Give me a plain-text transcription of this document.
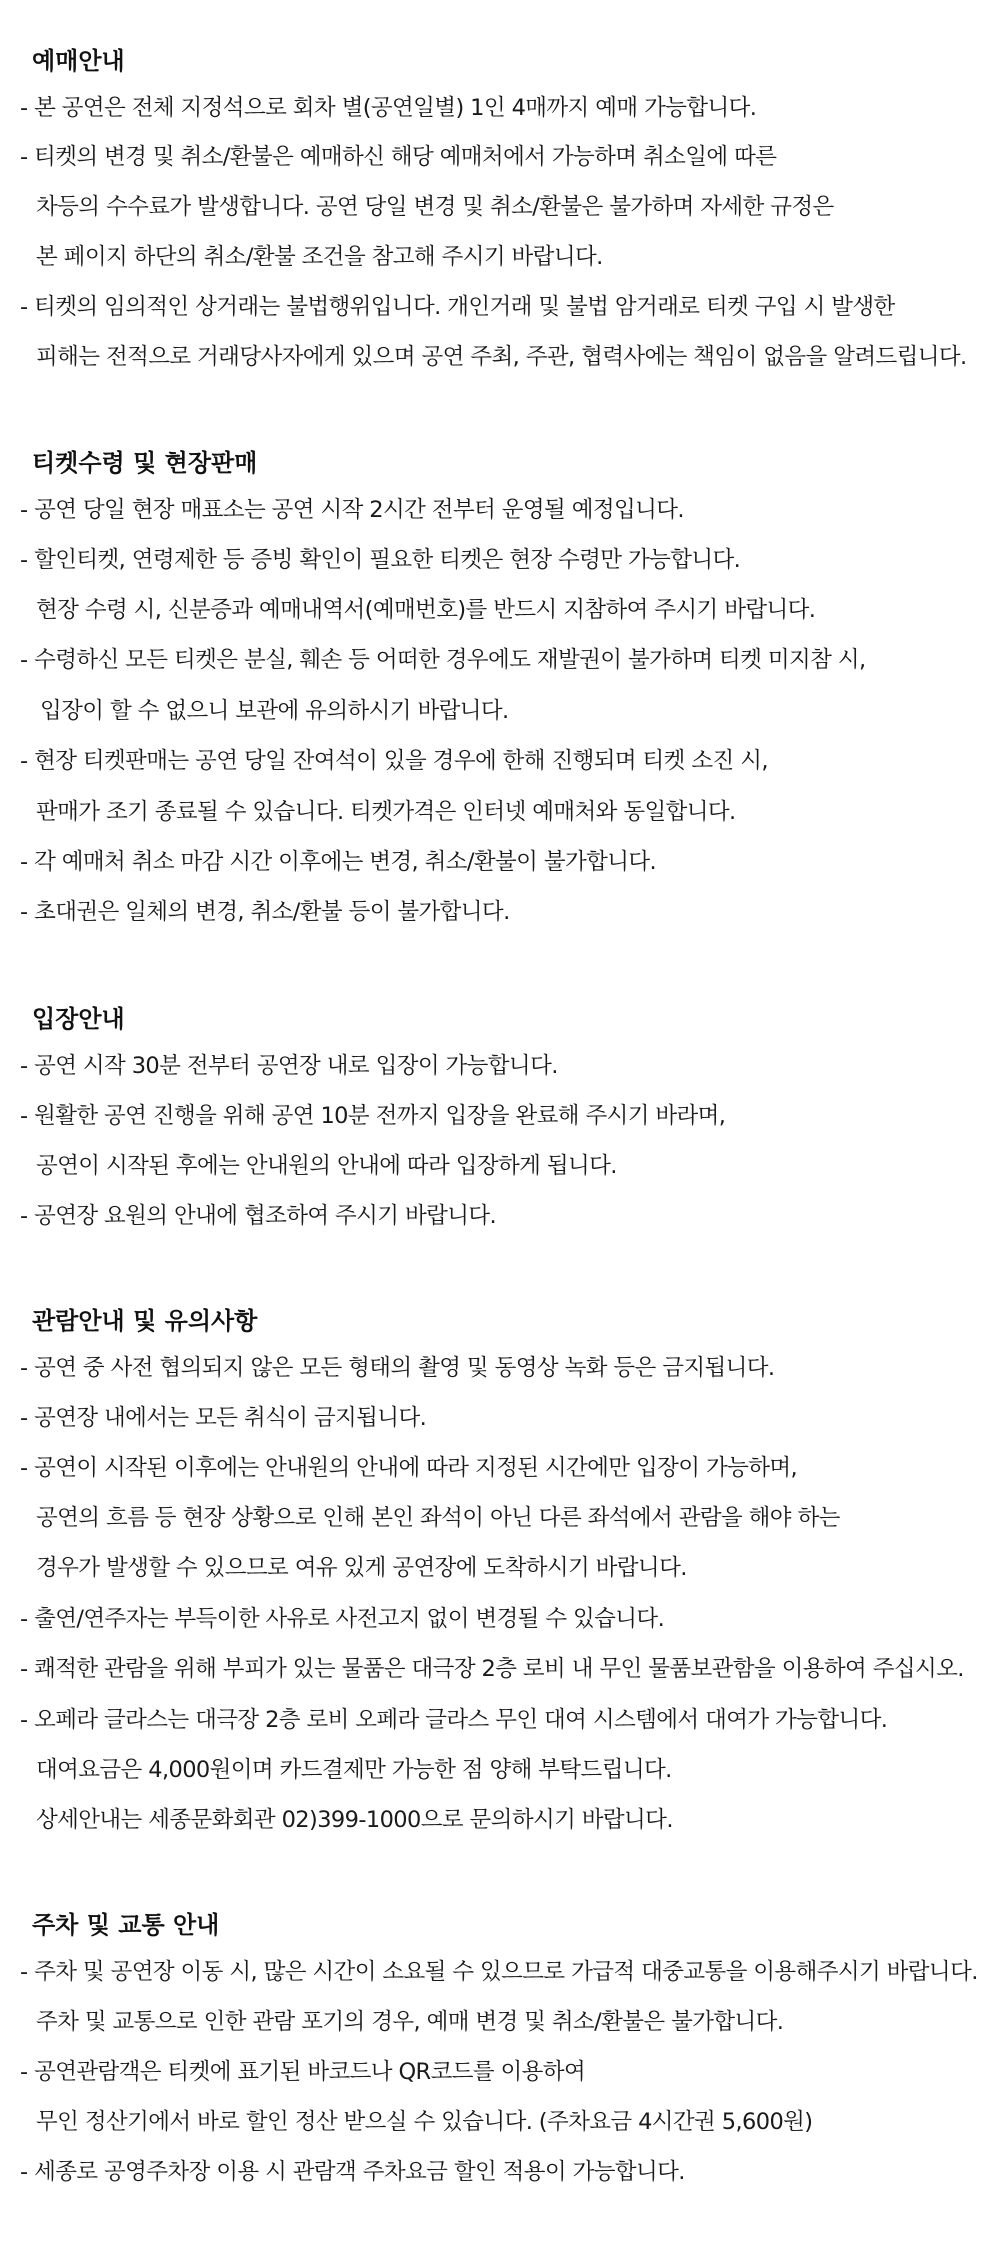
예매안내
- 본 공연은 전체 지정석으로 회차 별(공연일별) 1인 4매까지 예매 가능합니다.
- 티켓의 변경 및 취소/환불은 예매하신 해당 예매처에서 가능하며 취소일에 따른
차등의 수수료가 발생합니다. 공연 당일 변경 및 취소/환불은 불가하며 자세한 규정은
본 페이지 하단의 취소/환불 조건을 참고해 주시기 바랍니다.
- 티켓의 임의적인 상거래는 불법행위입니다. 개인거래 및 불법 암거래로 티켓 구입 시 발생한
피해는 전적으로 거래당사자에게 있으며 공연 주최, 주관, 협력사에는 책임이 없음을 알려드립니다.
티켓수령 및 현장판매
- 공연 당일 현장 매표소는 공연 시작 2시간 전부터 운영될 예정입니다.
- 할인티켓, 연령제한 등 증빙 확인이 필요한 티켓은 현장 수령만 가능합니다.
현장 수령 시, 신분증과 예매내역서(예매번호)를 반드시 지참하여 주시기 바랍니다.
- 수령하신 모든 티켓은 분실, 훼손 등 어떠한 경우에도 재발권이 불가하며 티켓 미지참 시,
입장이 할 수 없으니 보관에 유의하시기 바랍니다.
- 현장 티켓판매는 공연 당일 잔여석이 있을 경우에 한해 진행되며 티켓 소진 시,
판매가 조기 종료될 수 있습니다. 티켓가격은 인터넷 예매처와 동일합니다.
- 각 예매처 취소 마감 시간 이후에는 변경, 취소/환불이 불가합니다.
- 초대권은 일체의 변경, 취소/환불 등이 불가합니다.
입장안내
- 공연 시작 30분 전부터 공연장 내로 입장이 가능합니다.
- 원활한 공연 진행을 위해 공연 10분 전까지 입장을 완료해 주시기 바라며,
공연이 시작된 후에는 안내원의 안내에 따라 입장하게 됩니다.
- 공연장 요원의 안내에 협조하여 주시기 바랍니다.
관람안내 및 유의사항
- 공연 중 사전 협의되지 않은 모든 형태의 촬영 및 동영상 녹화 등은 금지됩니다.
- 공연장 내에서는 모든 취식이 금지됩니다.
- 공연이 시작된 이후에는 안내원의 안내에 따라 지정된 시간에만 입장이 가능하며,
공연의 흐름 등 현장 상황으로 인해 본인 좌석이 아닌 다른 좌석에서 관람을 해야 하는
경우가 발생할 수 있으므로 여유 있게 공연장에 도착하시기 바랍니다.
- 출연/연주자는 부득이한 사유로 사전고지 없이 변경될 수 있습니다.
- 쾌적한 관람을 위해 부피가 있는 물품은 대극장 2층 로비 내 무인 물품보관함을 이용하여 주십시오.
- 오페라 글라스는 대극장 2층 로비 오페라 글라스 무인 대여 시스템에서 대여가 가능합니다.
대여요금은 4,000원이며 카드결제만 가능한 점 양해 부탁드립니다.
상세안내는 세종문화회관 02)399-1000으로 문의하시기 바랍니다.
주차 및 교통 안내
- 주차 및 공연장 이동 시, 많은 시간이 소요될 수 있으므로 가급적 대중교통을 이용해주시기 바랍니다.
주차 및 교통으로 인한 관람 포기의 경우, 예매 변경 및 취소/환불은 불가합니다.
- 공연관람객은 티켓에 표기된 바코드나 QR코드를 이용하여
무인 정산기에서 바로 할인 정산 받으실 수 있습니다. (주차요금 4시간권 5,600원)
- 세종로 공영주차장 이용 시 관람객 주차요금 할인 적용이 가능합니다.
